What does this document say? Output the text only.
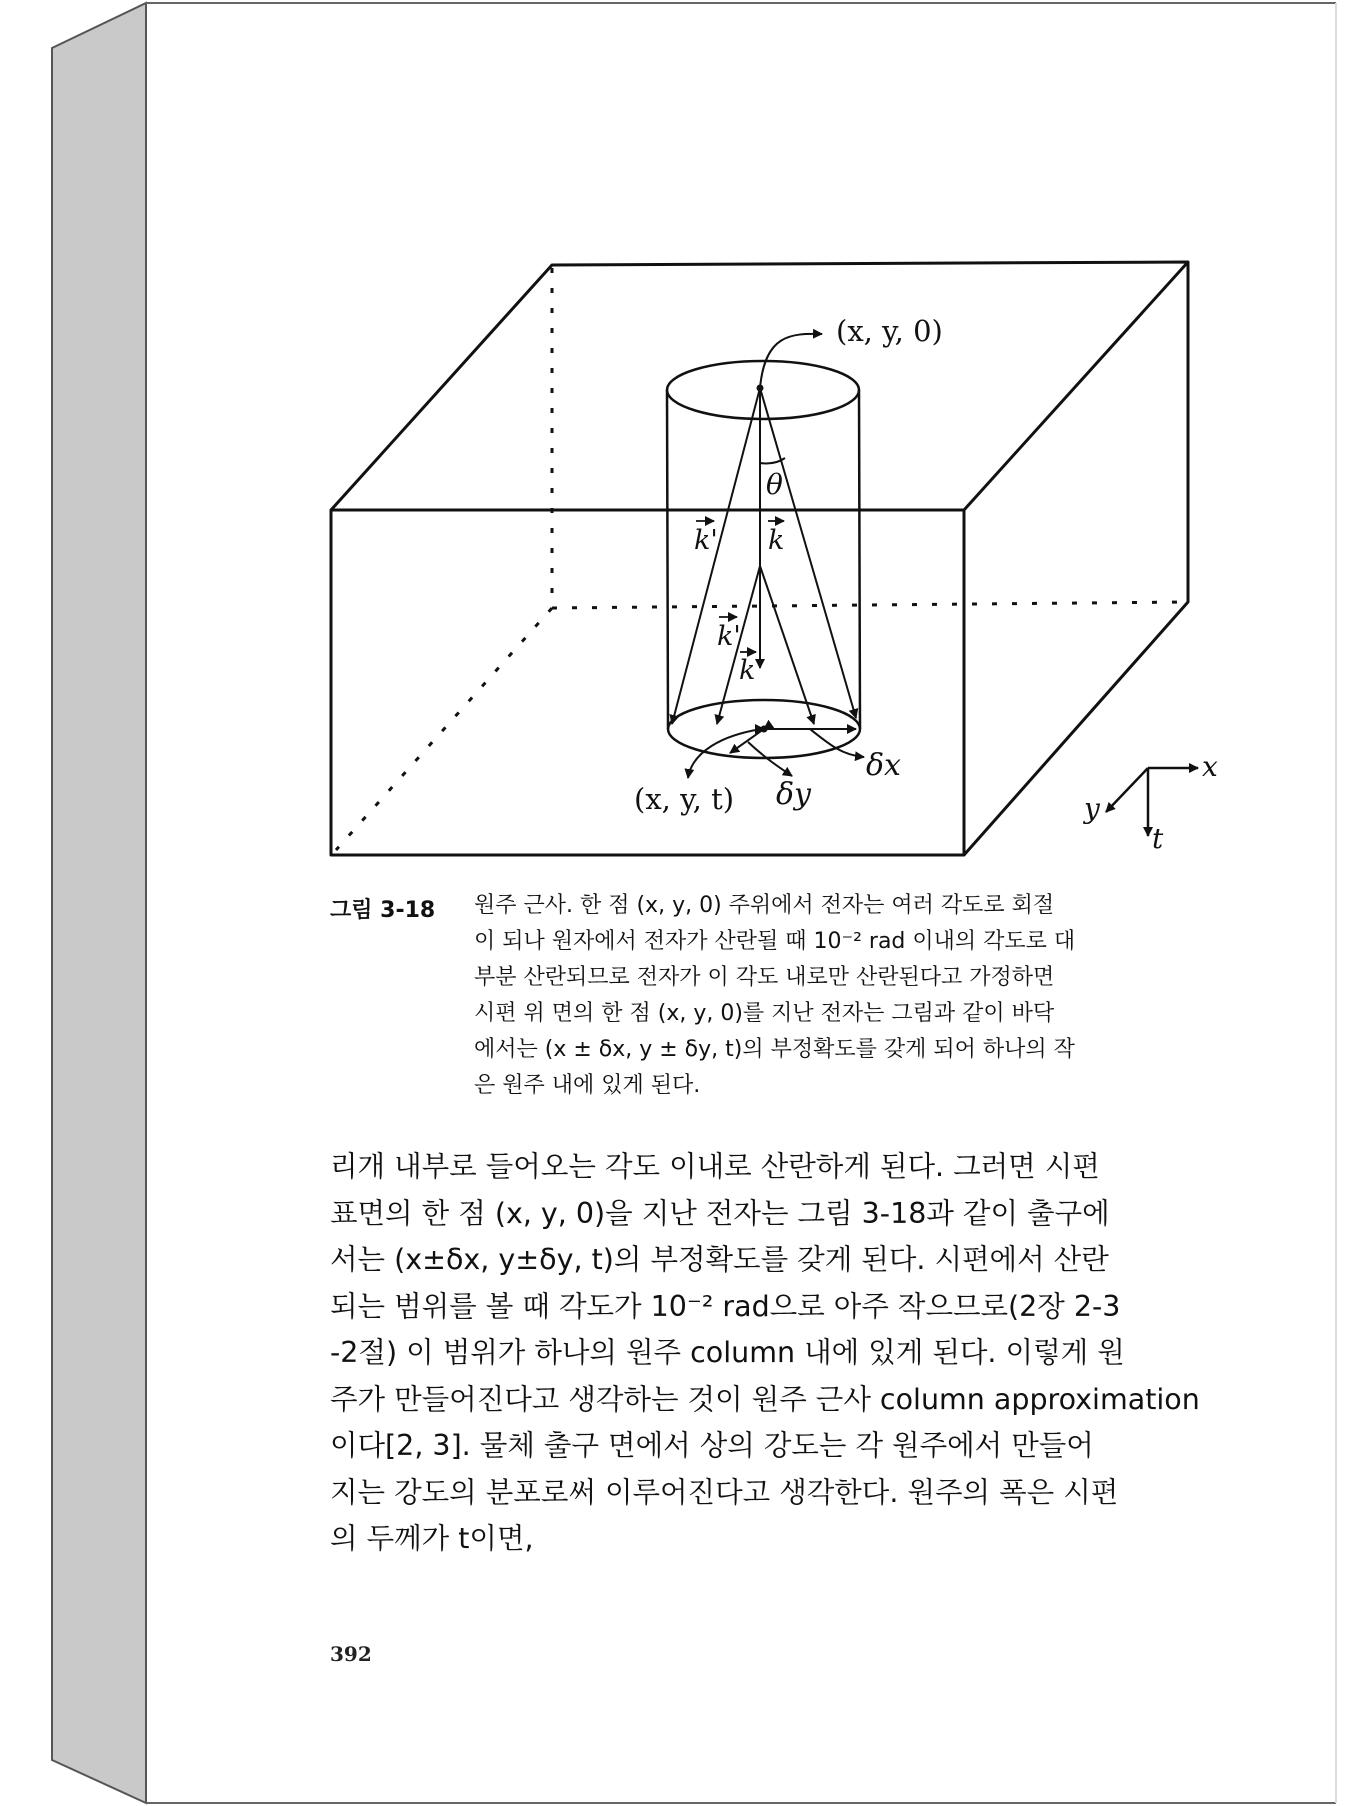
(x, y, 0)
θ
k' k
k'
k
(x, y, t) δy
δx	x
y
t
그림 3-18 원주 근사. 한 점 (x, y, 0) 주위에서 전자는 여러 각도로 회절
이 되나 원자에서 전자가 산란될 때 10⁻² rad 이내의 각도로 대
부분 산란되므로 전자가 이 각도 내로만 산란된다고 가정하면
시편 위 면의 한 점 (x, y, 0)를 지난 전자는 그림과 같이 바닥
에서는 (x ± δx, y ± δy, t)의 부정확도를 갖게 되어 하나의 작
은 원주 내에 있게 된다.
리개 내부로 들어오는 각도 이내로 산란하게 된다. 그러면 시편
표면의 한 점 (x, y, 0)을 지난 전자는 그림 3-18과 같이 출구에
서는 (x±δx, y±δy, t)의 부정확도를 갖게 된다. 시편에서 산란
되는 범위를 볼 때 각도가 10⁻² rad으로 아주 작으므로(2장 2-3
-2절) 이 범위가 하나의 원주 column 내에 있게 된다. 이렇게 원
주가 만들어진다고 생각하는 것이 원주 근사 column approximation
이다[2, 3]. 물체 출구 면에서 상의 강도는 각 원주에서 만들어
지는 강도의 분포로써 이루어진다고 생각한다. 원주의 폭은 시편
의 두께가 t이면,
392
